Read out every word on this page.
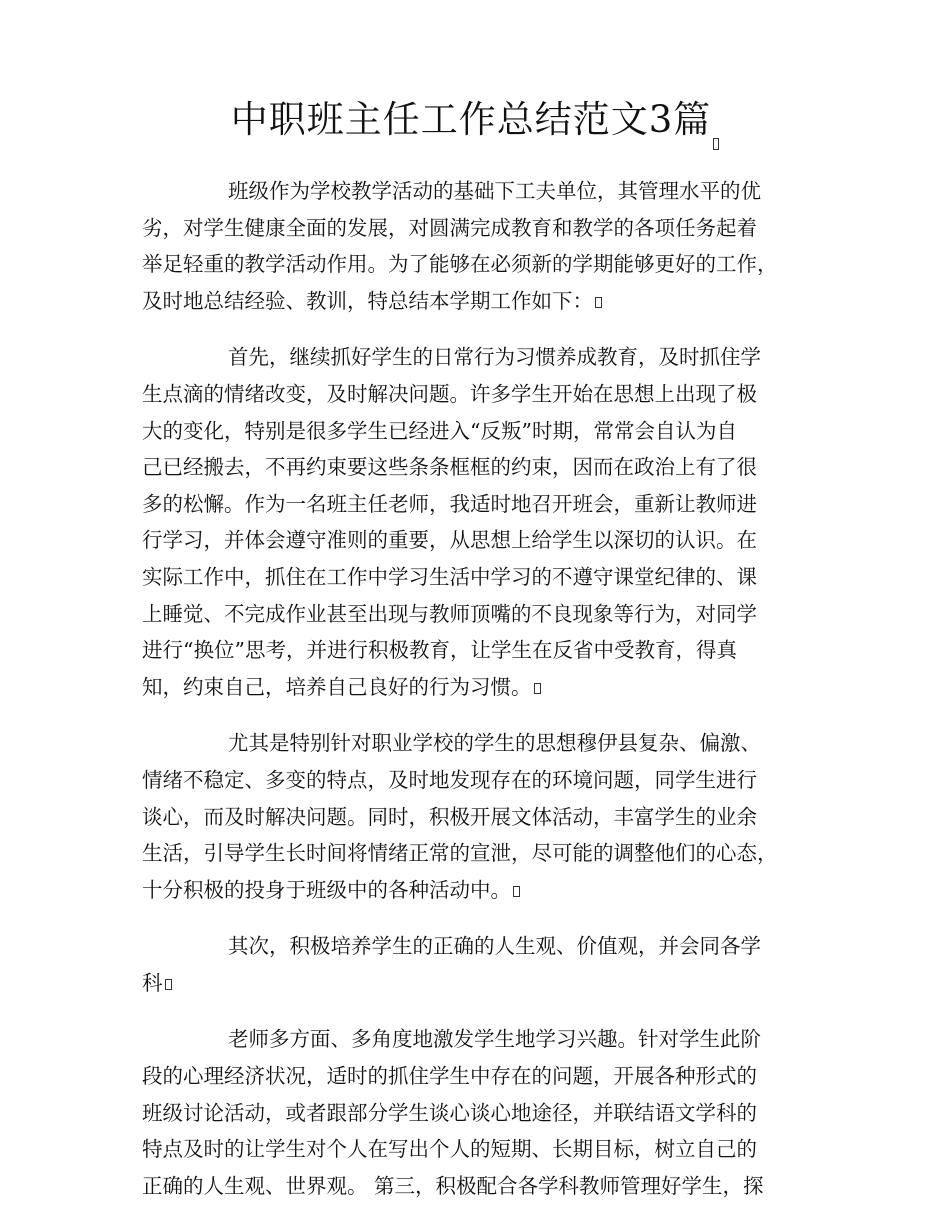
中职班主任工作总结范文3篇
班级作为学校教学活动的基础下工夫单位，其管理水平的优
劣，对学生健康全面的发展，对圆满完成教育和教学的各项任务起着
举足轻重的教学活动作用。为了能够在必须新的学期能够更好的工作，
及时地总结经验、教训，特总结本学期工作如下：
首先，继续抓好学生的日常行为习惯养成教育，及时抓住学
生点滴的情绪改变，及时解决问题。许多学生开始在思想上出现了极
大的变化，特别是很多学生已经进入“反叛”时期，常常会自认为自
己已经搬去，不再约束要这些条条框框的约束，因而在政治上有了很
多的松懈。作为一名班主任老师，我适时地召开班会，重新让教师进
行学习，并体会遵守准则的重要，从思想上给学生以深切的认识。在
实际工作中，抓住在工作中学习生活中学习的不遵守课堂纪律的、课
上睡觉、不完成作业甚至出现与教师顶嘴的不良现象等行为，对同学
进行“换位”思考，并进行积极教育，让学生在反省中受教育，得真
知，约束自己，培养自己良好的行为习惯。
尤其是特别针对职业学校的学生的思想穆伊县复杂、偏激、
情绪不稳定、多变的特点，及时地发现存在的环境问题，同学生进行
谈心，而及时解决问题。同时，积极开展文体活动，丰富学生的业余
生活，引导学生长时间将情绪正常的宣泄，尽可能的调整他们的心态，
十分积极的投身于班级中的各种活动中。
其次，积极培养学生的正确的人生观、价值观，并会同各学
科
老师多方面、多角度地激发学生地学习兴趣。针对学生此阶
段的心理经济状况，适时的抓住学生中存在的问题，开展各种形式的
班级讨论活动，或者跟部分学生谈心谈心地途径，并联结语文学科的
特点及时的让学生对个人在写出个人的短期、长期目标，树立自己的
正确的人生观、世界观。 第三，积极配合各学科教师管理好学生，探
